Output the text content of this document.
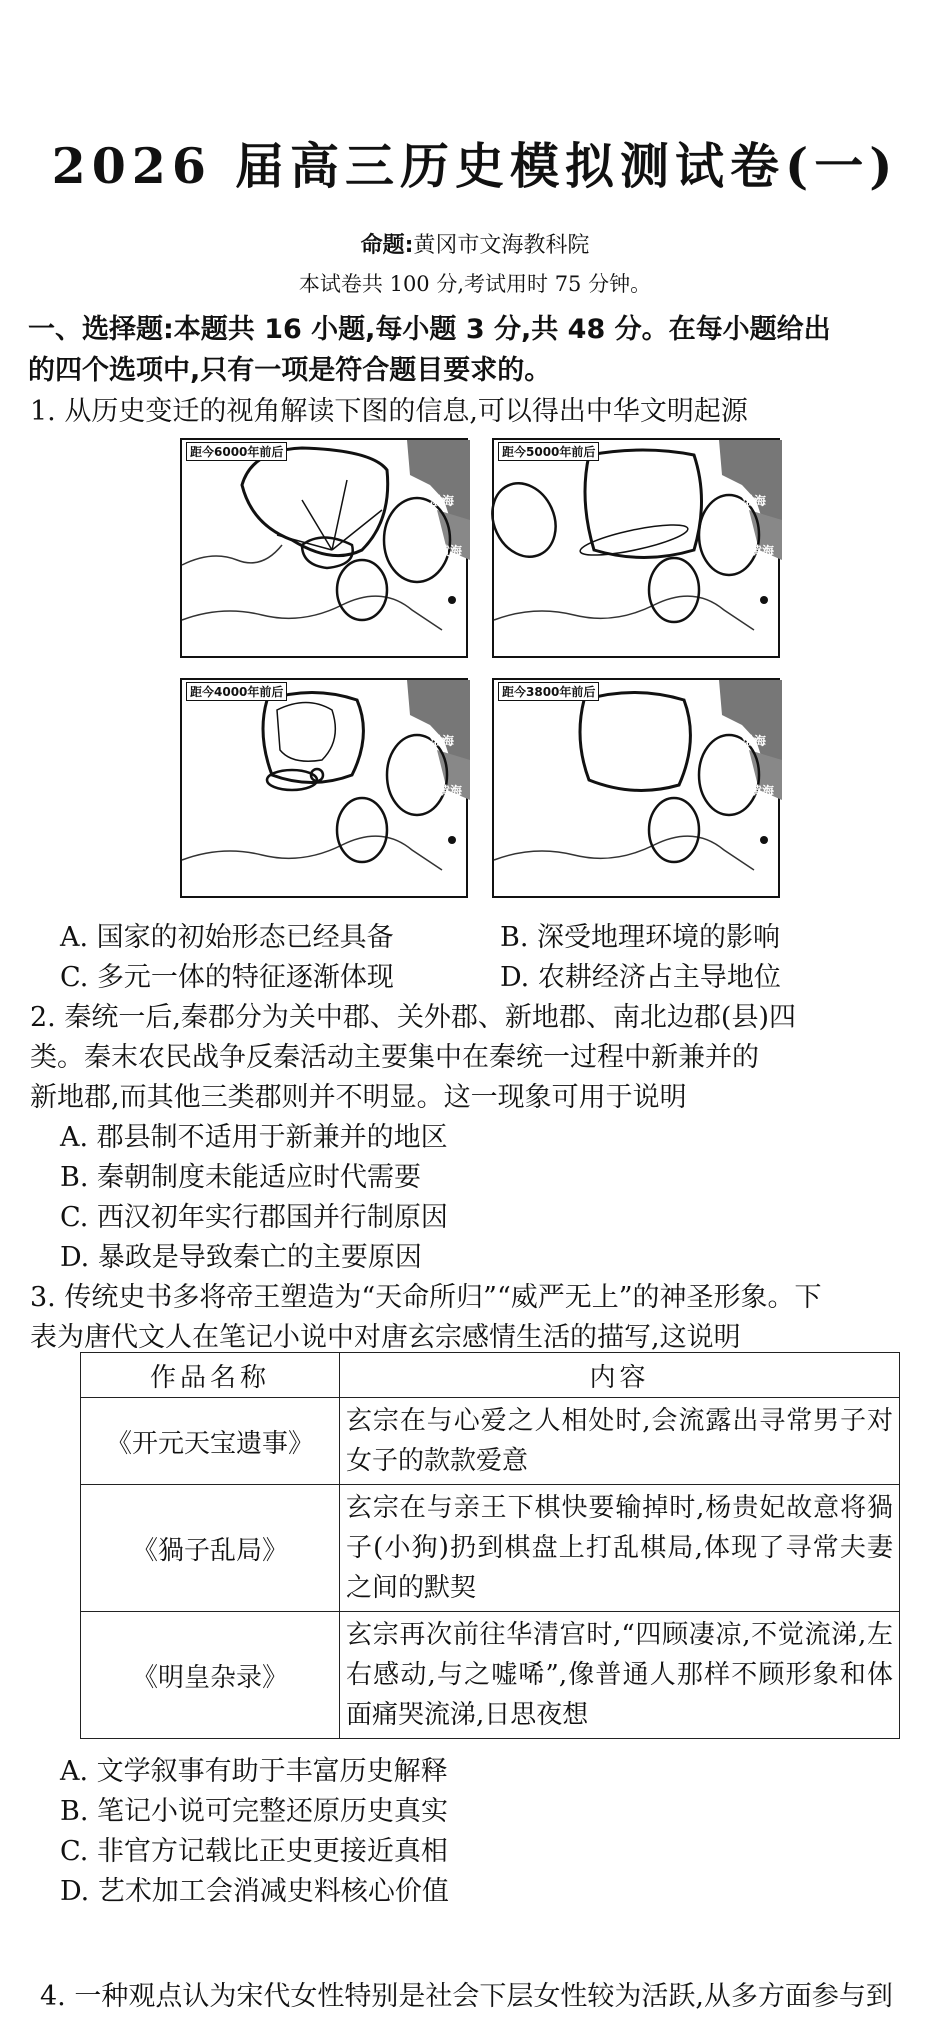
2026 届高三历史模拟测试卷(一)
命题:黄冈市文海教科院
本试卷共 100 分,考试用时 75 分钟。
一、选择题:本题共 16 小题,每小题 3 分,共 48 分。在每小题给出
的四个选项中,只有一项是符合题目要求的。
1. 从历史变迁的视角解读下图的信息,可以得出中华文明起源
距今6000年前后
渤海
黄海
距今5000年前后
渤海
黄海
距今4000年前后
渤海
黄海
距今3800年前后
渤海
黄海
A. 国家的初始形态已经具备	B. 深受地理环境的影响
C. 多元一体的特征逐渐体现	D. 农耕经济占主导地位
2. 秦统一后,秦郡分为关中郡、关外郡、新地郡、南北边郡(县)四
类。秦末农民战争反秦活动主要集中在秦统一过程中新兼并的
新地郡,而其他三类郡则并不明显。这一现象可用于说明
A. 郡县制不适用于新兼并的地区
B. 秦朝制度未能适应时代需要
C. 西汉初年实行郡国并行制原因
D. 暴政是导致秦亡的主要原因
3. 传统史书多将帝王塑造为“天命所归”“威严无上”的神圣形象。下
表为唐代文人在笔记小说中对唐玄宗感情生活的描写,这说明
作品名称	内容
《开元天宝遗事》	玄宗在与心爱之人相处时,会流露出寻常男子对女子的款款爱意
《猧子乱局》	玄宗在与亲王下棋快要输掉时,杨贵妃故意将猧子(小狗)扔到棋盘上打乱棋局,体现了寻常夫妻之间的默契
《明皇杂录》	玄宗再次前往华清宫时,“四顾凄凉,不觉流涕,左右感动,与之嘘唏”,像普通人那样不顾形象和体面痛哭流涕,日思夜想
A. 文学叙事有助于丰富历史解释
B. 笔记小说可完整还原历史真实
C. 非官方记载比正史更接近真相
D. 艺术加工会消减史料核心价值
4. 一种观点认为宋代女性特别是社会下层女性较为活跃,从多方面参与到
